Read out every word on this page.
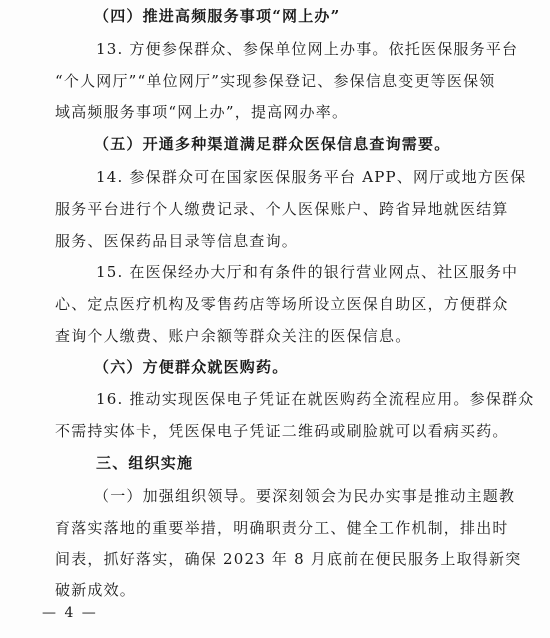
（四）推进高频服务事项“网上办”
13. 方便参保群众、参保单位网上办事。依托医保服务平台
“个人网厅”“单位网厅”实现参保登记、参保信息变更等医保领
域高频服务事项“网上办”，提高网办率。
（五）开通多种渠道满足群众医保信息查询需要。
14. 参保群众可在国家医保服务平台 APP、网厅或地方医保
服务平台进行个人缴费记录、个人医保账户、跨省异地就医结算
服务、医保药品目录等信息查询。
15. 在医保经办大厅和有条件的银行营业网点、社区服务中
心、定点医疗机构及零售药店等场所设立医保自助区，方便群众
查询个人缴费、账户余额等群众关注的医保信息。
（六）方便群众就医购药。
16. 推动实现医保电子凭证在就医购药全流程应用。参保群众
不需持实体卡，凭医保电子凭证二维码或刷脸就可以看病买药。
三、组织实施
（一）加强组织领导。要深刻领会为民办实事是推动主题教
育落实落地的重要举措，明确职责分工、健全工作机制，排出时
间表，抓好落实，确保 2023 年 8 月底前在便民服务上取得新突
破新成效。
— 4 —
